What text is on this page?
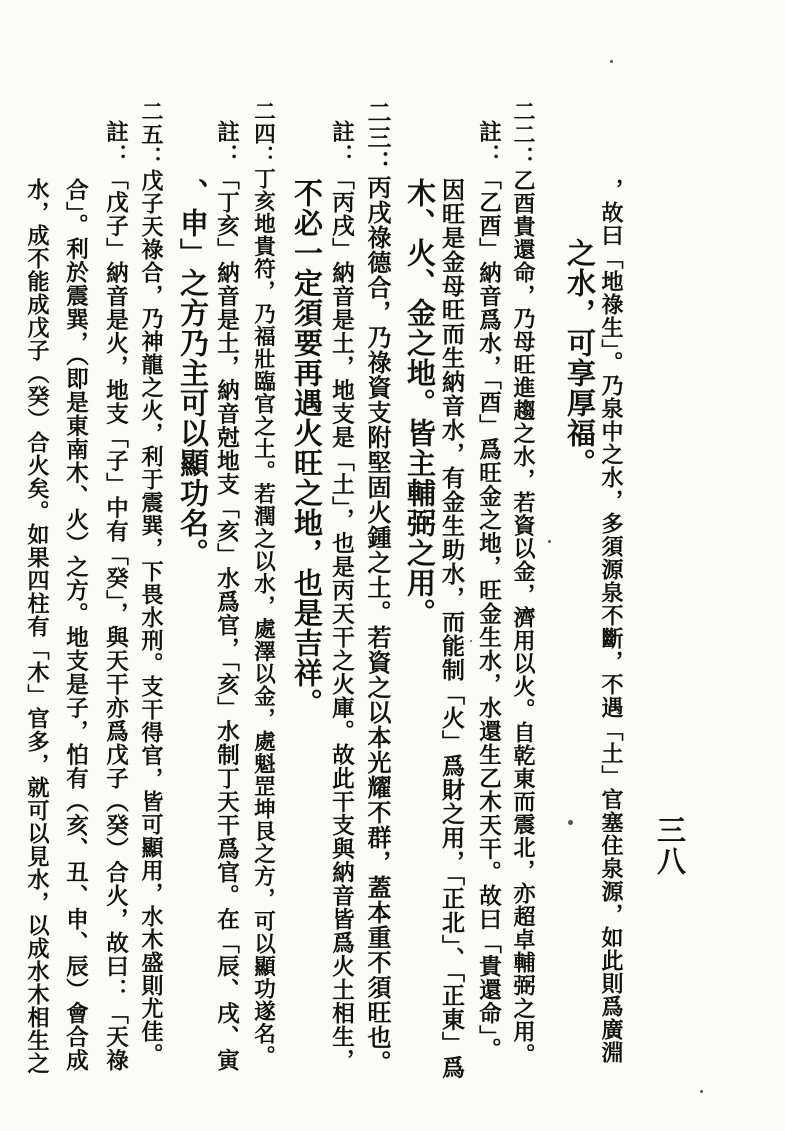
，故曰「地祿生」。乃泉中之水，多須源泉不斷，不遇「土」官塞住泉源，如此則爲廣淵
之水，可享厚福。
二二：乙酉貴還命，乃母旺進趨之水，若資以金，濟用以火。自乾東而震北，亦超卓輔弼之用。
註：「乙酉」納音爲水，「酉」爲旺金之地，旺金生水，水還生乙木天干。故曰「貴還命」。
因旺是金母旺而生納音水，有金生助水，而能制「火」爲財之用，「正北」、「正東」爲
木、火、金之地。皆主輔弼之用。
二三：丙戌祿德合，乃祿資支附堅固火鍾之土。若資之以本光耀不群，蓋本重不須旺也。
註：「丙戌」納音是土，地支是「土」，也是丙天干之火庫。故此干支與納音皆爲火土相生，
不必一定須要再遇火旺之地，也是吉祥。
二四：丁亥地貴符，乃福壯臨官之土。若潤之以水，處澤以金，處魁罡坤艮之方，可以顯功遂名。
註：「丁亥」納音是土，納音尅地支「亥」水爲官，「亥」水制丁天干爲官。在「辰、戌、寅
、申」之方乃主可以顯功名。
二五：戊子天祿合，乃神龍之火，利于震巽，下畏水刑。支干得官，皆可顯用，水木盛則尤佳。
註：「戊子」納音是火，地支「子」中有「癸」，與天干亦爲戊子（癸）合火，故曰：「天祿
合」。利於震巽，（即是東南木、火）之方。地支是子，怕有（亥、丑、申、辰）會合成
水，成不能成戊子（癸）合火矣。如果四柱有「木」官多，就可以見水，以成水木相生之	三八
